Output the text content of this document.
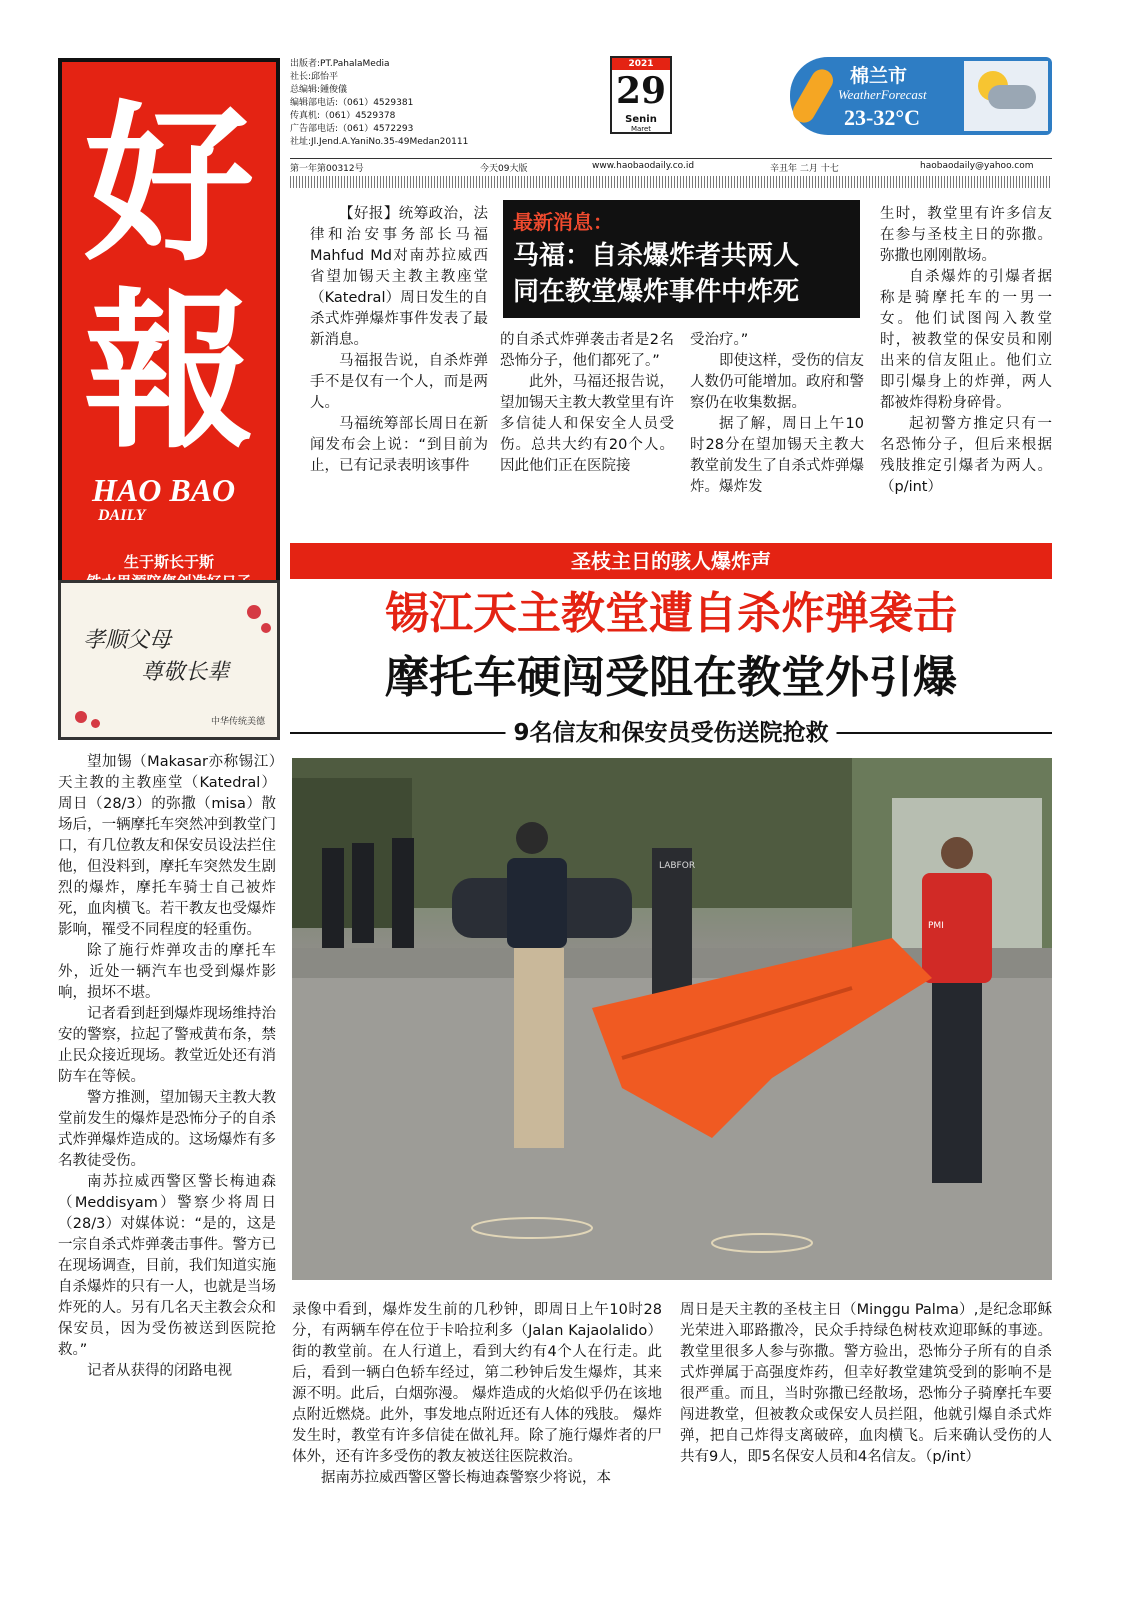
好
報
HAO BAO
DAILY
生于斯长于斯
孝顺父母
尊敬长辈
中华传统美德
出版者:PT.PahalaMedia
社长:邱怡平
总编辑:鍾俊儀
编辑部电话:（061）4529381
传真机:（061）4529378
广告部电话:（061）4572293
社址:Jl.Jend.A.YaniNo.35-49Medan20111
2021
29
Senin
Maret
棉兰市
WeatherForecast
23-32°C
第一年第00312号	今天09大版	www.haobaodaily.co.id	辛丑年 二月 十七	haobaodaily@yahoo.com

【好报】统筹政治，法律和治安事务部长马福Mahfud Md对南苏拉威西省望加锡天主教主教座堂（Katedral）周日发生的自杀式炸弹爆炸事件发表了最新消息。

马福报告说，自杀炸弹手不是仅有一个人，而是两人。

马福统筹部长周日在新闻发布会上说：“到目前为止，已有记录表明该事件

最新消息：
马福：自杀爆炸者共两人
同在教堂爆炸事件中炸死

的自杀式炸弹袭击者是2名恐怖分子，他们都死了。”

此外，马福还报告说，望加锡天主教大教堂里有许多信徒人和保安全人员受伤。总共大约有20个人。因此他们正在医院接

受治疗。”

即使这样，受伤的信友人数仍可能增加。政府和警察仍在收集数据。

据了解，周日上午10时28分在望加锡天主教大教堂前发生了自杀式炸弹爆炸。爆炸发

生时，教堂里有许多信友在参与圣枝主日的弥撒。弥撒也刚刚散场。

自杀爆炸的引爆者据称是骑摩托车的一男一女。他们试图闯入教堂时，被教堂的保安员和刚出来的信友阻止。他们立即引爆身上的炸弹，两人都被炸得粉身碎骨。

起初警方推定只有一名恐怖分子，但后来根据残肢推定引爆者为两人。（p/int）

圣枝主日的骇人爆炸声
锡江天主教堂遭自杀炸弹袭击
摩托车硬闯受阻在教堂外引爆
9名信友和保安员受伤送院抢救
LABFOR
PMI

望加锡（Makasar亦称锡江）天主教的主教座堂（Katedral）周日（28/3）的弥撒（misa）散场后，一辆摩托车突然冲到教堂门口，有几位教友和保安员设法拦住他，但没料到，摩托车突然发生剧烈的爆炸，摩托车骑士自己被炸死，血肉横飞。若干教友也受爆炸影响，罹受不同程度的轻重伤。

除了施行炸弹攻击的摩托车外，近处一辆汽车也受到爆炸影响，损坏不堪。

记者看到赶到爆炸现场维持治安的警察，拉起了警戒黄布条，禁止民众接近现场。教堂近处还有消防车在等候。

警方推测，望加锡天主教大教堂前发生的爆炸是恐怖分子的自杀式炸弹爆炸造成的。这场爆炸有多名教徒受伤。

南苏拉威西警区警长梅迪森（Meddisyam）警察少将周日（28/3）对媒体说：“是的，这是一宗自杀式炸弹袭击事件。警方已在现场调查，目前，我们知道实施自杀爆炸的只有一人，也就是当场炸死的人。另有几名天主教会众和保安员，因为受伤被送到医院抢救。”

记者从获得的闭路电视

录像中看到，爆炸发生前的几秒钟，即周日上午10时28分，有两辆车停在位于卡哈拉利多（Jalan Kajaolalido）街的教堂前。在人行道上，看到大约有4个人在行走。此后，看到一辆白色轿车经过，第二秒钟后发生爆炸，其来源不明。此后，白烟弥漫。 爆炸造成的火焰似乎仍在该地点附近燃烧。此外，事发地点附近还有人体的残肢。 爆炸发生时，教堂有许多信徒在做礼拜。除了施行爆炸者的尸体外，还有许多受伤的教友被送往医院救治。

据南苏拉威西警区警长梅迪森警察少将说，本

周日是天主教的圣枝主日（Minggu Palma）,是纪念耶稣光荣进入耶路撒冷，民众手持绿色树枝欢迎耶稣的事迹。教堂里很多人参与弥撒。警方验出，恐怖分子所有的自杀式炸弹属于高强度炸药，但幸好教堂建筑受到的影响不是很严重。而且，当时弥撒已经散场，恐怖分子骑摩托车要闯进教堂，但被教众或保安人员拦阻，他就引爆自杀式炸弹，把自己炸得支离破碎，血肉横飞。后来确认受伤的人共有9人，即5名保安人员和4名信友。（p/int）
